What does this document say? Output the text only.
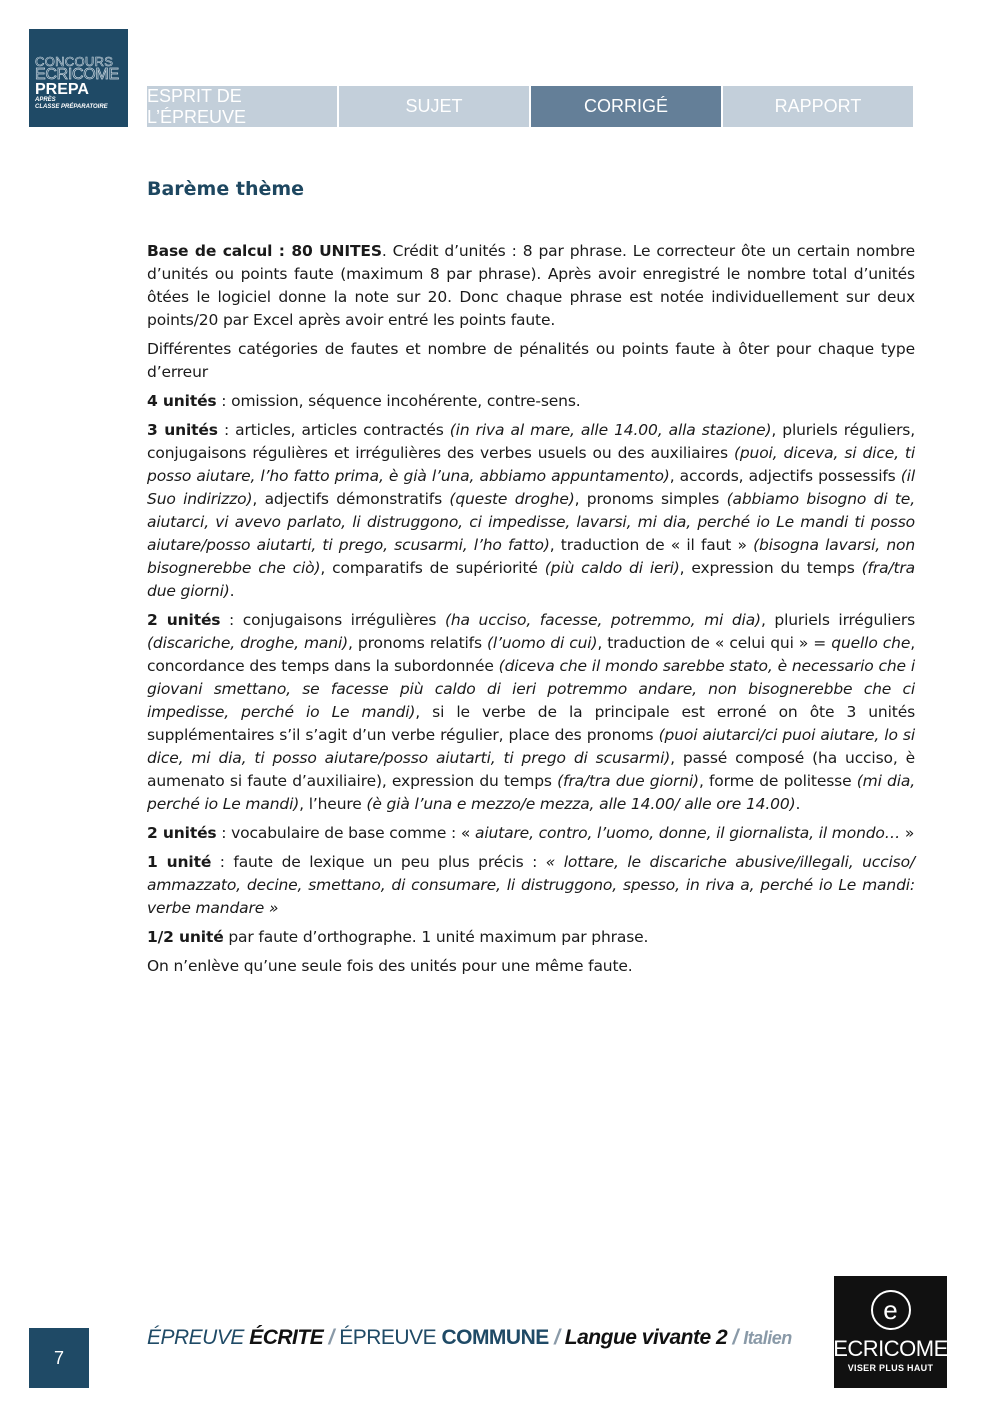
CONCOURS
ECRICOME
PREPA
APRÈS
CLASSE PRÉPARATOIRE
ESPRIT DE L’ÉPREUVE
SUJET	CORRIGÉ	RAPPORT
Barème thème

Base de calcul : 80 UNITES. Crédit d’unités : 8 par phrase. Le correcteur ôte un certain nombre d’unités ou points faute (maximum 8 par phrase). Après avoir enregistré le nombre total d’unités ôtées le logiciel donne la note sur 20. Donc chaque phrase est notée individuellement sur deux points/20 par Excel après avoir entré les points faute.

Différentes catégories de fautes et nombre de pénalités ou points faute à ôter pour chaque type d’erreur

4 unités : omission, séquence incohérente, contre-sens.

3 unités : articles, articles contractés (in riva al mare, alle 14.00, alla stazione), pluriels réguliers, conjugaisons régulières et irrégulières des verbes usuels ou des auxiliaires (puoi, diceva, si dice, ti posso aiutare, l’ho fatto prima, è già l’una, abbiamo appuntamento), accords, adjectifs possessifs (il Suo indirizzo), adjectifs démonstratifs (queste droghe), pronoms simples (abbiamo bisogno di te, aiutarci, vi avevo parlato, li distruggono, ci impedisse, lavarsi, mi dia, perché io Le mandi ti posso aiutare/posso aiutarti, ti prego, scusarmi, l’ho fatto), traduction de « il faut » (bisogna lavarsi, non bisognerebbe che ciò), comparatifs de supériorité (più caldo di ieri), expression du temps (fra/tra due giorni).

2 unités : conjugaisons irrégulières (ha ucciso, facesse, potremmo, mi dia), pluriels irréguliers (discariche, droghe, mani), pronoms relatifs (l’uomo di cui), traduction de « celui qui » = quello che, concordance des temps dans la subordonnée (diceva che il mondo sarebbe stato, è necessario che i giovani smettano, se facesse più caldo di ieri potremmo andare, non bisognerebbe che ci impedisse, perché io Le mandi), si le verbe de la principale est erroné on ôte 3 unités supplémentaires s’il s’agit d’un verbe régulier, place des pronoms (puoi aiutarci/ci puoi aiutare, lo si dice, mi dia, ti posso aiutare/posso aiutarti, ti prego di scusarmi), passé composé (ha ucciso, è aumenato si faute d’auxiliaire), expression du temps (fra/tra due giorni), forme de politesse (mi dia, perché io Le mandi), l’heure (è già l’una e mezzo/e mezza, alle 14.00/ alle ore 14.00).

2 unités : vocabulaire de base comme : « aiutare, contro, l’uomo, donne, il giornalista, il mondo… »

1 unité : faute de lexique un peu plus précis : « lottare, le discariche abusive/illegali, ucciso/ ammazzato, decine, smettano, di consumare, li distruggono, spesso, in riva a, perché io Le mandi: verbe mandare »

1/2 unité par faute d’orthographe. 1 unité maximum par phrase.

On n’enlève qu’une seule fois des unités pour une même faute.

7
ÉPREUVE ÉCRITE / ÉPREUVE COMMUNE / Langue vivante 2 / Italien
e
ECRICOME
VISER PLUS HAUT
